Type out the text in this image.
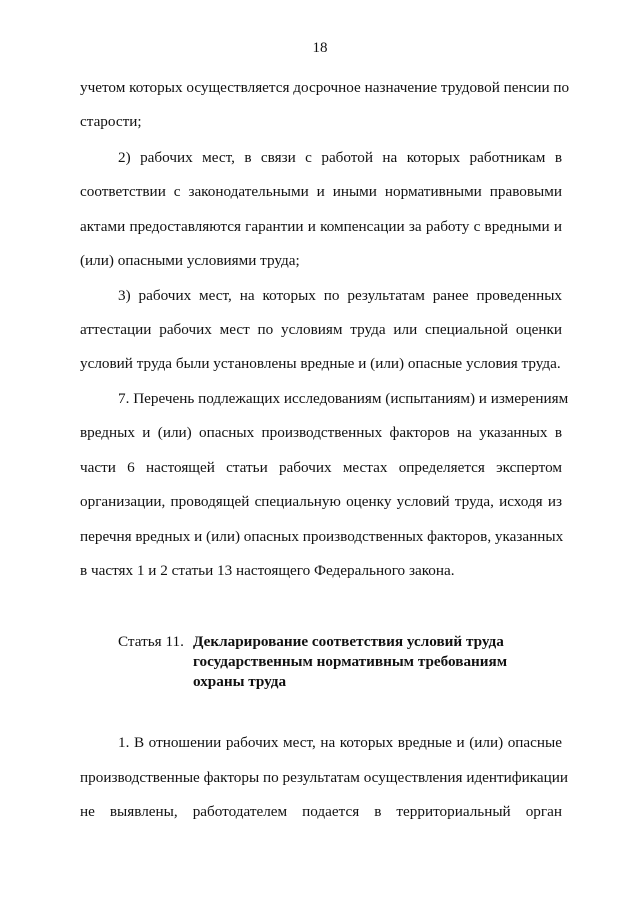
18
учетом которых осуществляется досрочное назначение трудовой пенсии по
старости;
2) рабочих мест, в связи с работой на которых работникам в
соответствии с законодательными и иными нормативными правовыми
актами предоставляются гарантии и компенсации за работу с вредными и
(или) опасными условиями труда;
3) рабочих мест, на которых по результатам ранее проведенных
аттестации рабочих мест по условиям труда или специальной оценки
условий труда были установлены вредные и (или) опасные условия труда.
7. Перечень подлежащих исследованиям (испытаниям) и измерениям
вредных и (или) опасных производственных факторов на указанных в
части 6 настоящей статьи рабочих местах определяется экспертом
организации, проводящей специальную оценку условий труда, исходя из
перечня вредных и (или) опасных производственных факторов, указанных
в частях 1 и 2 статьи 13 настоящего Федерального закона.
Статья 11. Декларирование соответствия условий труда
государственным нормативным требованиям
охраны труда
1. В отношении рабочих мест, на которых вредные и (или) опасные
производственные факторы по результатам осуществления идентификации
не выявлены, работодателем подается в территориальный орган
